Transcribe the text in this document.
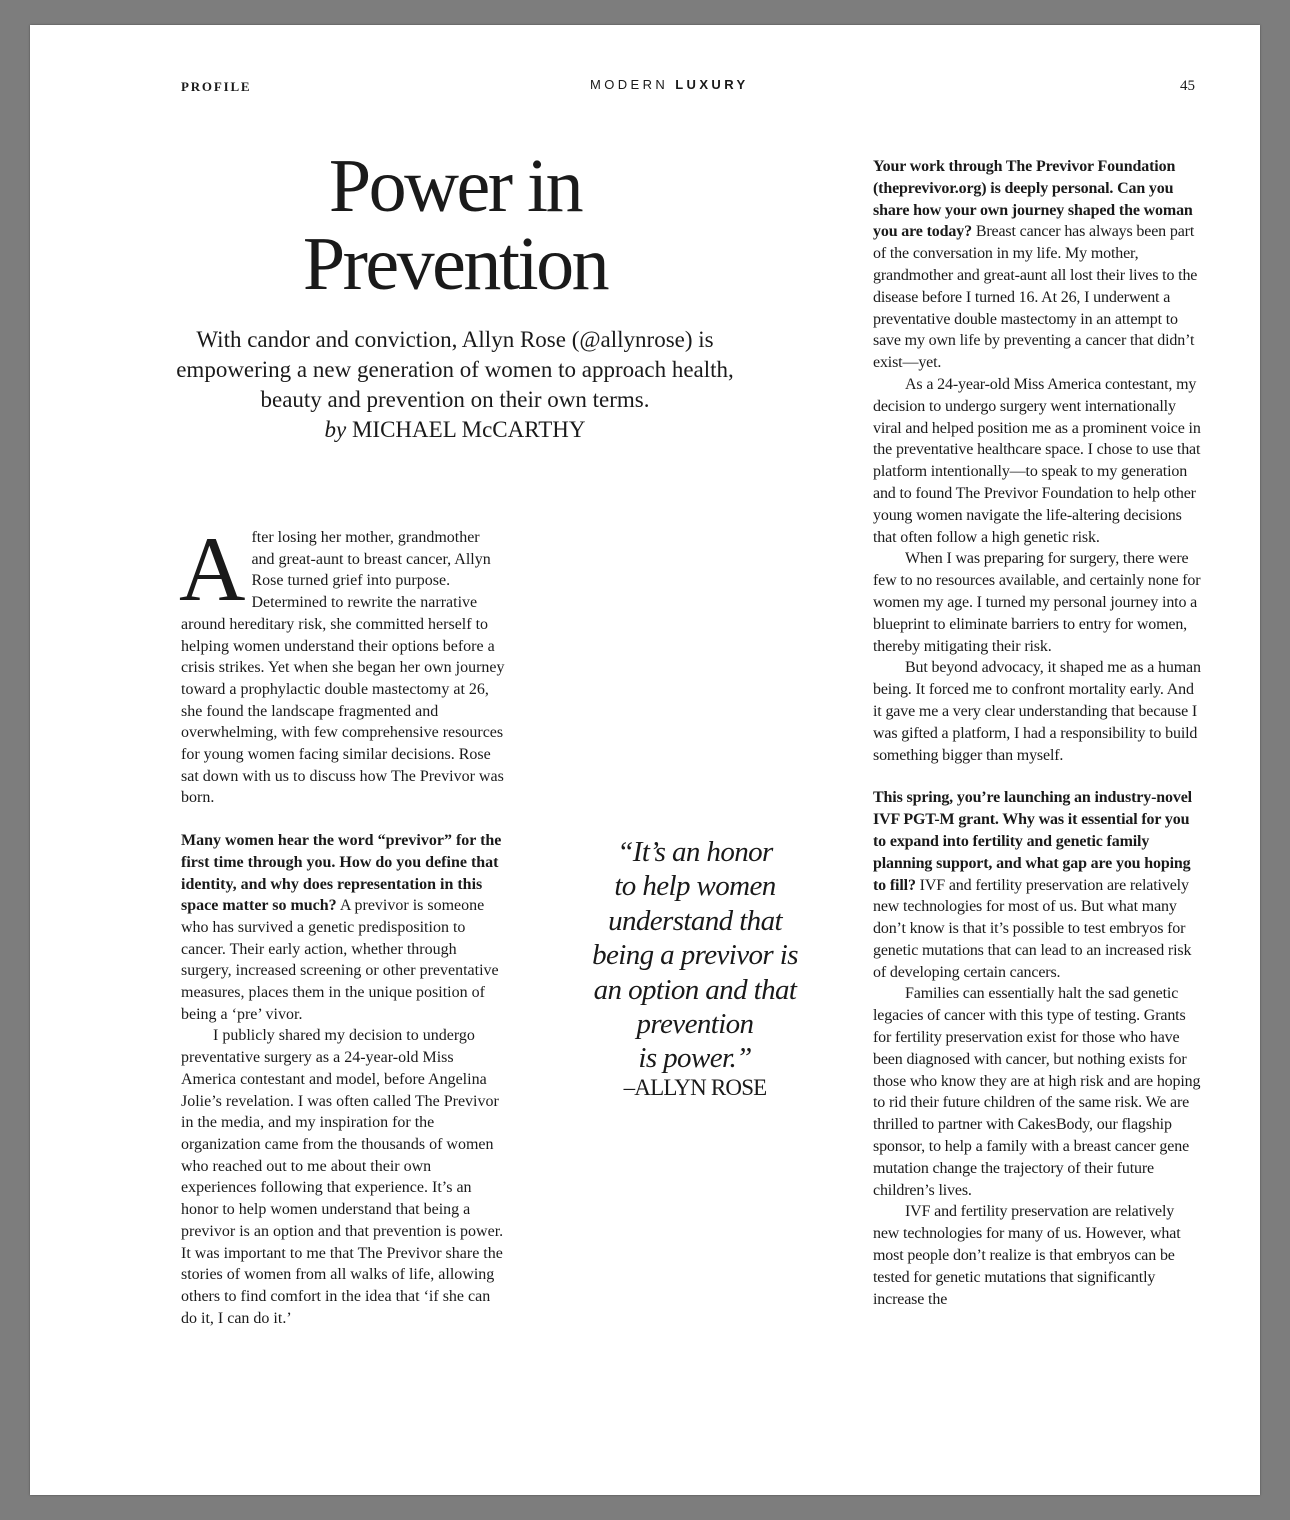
PROFILE	MODERN LUXURY	45
Power in
Prevention
With candor and conviction, Allyn Rose (@allynrose) is empowering a new generation of women to approach health, beauty and prevention on their own terms.
by MICHAEL McCARTHY

After losing her mother, grandmother and great-aunt to breast cancer, Allyn Rose turned grief into purpose. Determined to rewrite the narrative around hereditary risk, she committed herself to helping women understand their options before a crisis strikes. Yet when she began her own journey toward a prophylactic double mastectomy at 26, she found the landscape fragmented and overwhelming, with few comprehensive resources for young women facing similar decisions. Rose sat down with us to discuss how The Previvor was born.

Many women hear the word “previvor” for the first time through you. How do you define that identity, and why does representation in this space matter so much? A previvor is someone who has survived a genetic predisposition to cancer. Their early action, whether through surgery, increased screening or other preventative measures, places them in the unique position of being a ‘pre’ vivor.

I publicly shared my decision to undergo preventative surgery as a 24-year-old Miss America contestant and model, before Angelina Jolie’s revelation. I was often called The Previvor in the media, and my inspiration for the organization came from the thousands of women who reached out to me about their own experiences following that experience. It’s an honor to help women understand that being a previvor is an option and that prevention is power. It was important to me that The Previvor share the stories of women from all walks of life, allowing others to find comfort in the idea that ‘if she can do it, I can do it.’

“It’s an honor
to help women
understand that
being a previvor is
an option and that
prevention
is power.”
–ALLYN ROSE

Your work through The Previvor Foundation (theprevivor.org) is deeply personal. Can you share how your own journey shaped the woman you are today? Breast cancer has always been part of the conversation in my life. My mother, grandmother and great-aunt all lost their lives to the disease before I turned 16. At 26, I underwent a preventative double mastectomy in an attempt to save my own life by preventing a cancer that didn’t exist—yet.

As a 24-year-old Miss America contestant, my decision to undergo surgery went internationally viral and helped position me as a prominent voice in the preventative healthcare space. I chose to use that platform intentionally—to speak to my generation and to found The Previvor Foundation to help other young women navigate the life-altering decisions that often follow a high genetic risk.

When I was preparing for surgery, there were few to no resources available, and certainly none for women my age. I turned my personal journey into a blueprint to eliminate barriers to entry for women, thereby mitigating their risk.

But beyond advocacy, it shaped me as a human being. It forced me to confront mortality early. And it gave me a very clear understanding that because I was gifted a platform, I had a responsibility to build something bigger than myself.

This spring, you’re launching an industry-novel IVF PGT-M grant. Why was it essential for you to expand into fertility and genetic family planning support, and what gap are you hoping to fill? IVF and fertility preservation are relatively new technologies for most of us. But what many don’t know is that it’s possible to test embryos for genetic mutations that can lead to an increased risk of developing certain cancers.

Families can essentially halt the sad genetic legacies of cancer with this type of testing. Grants for fertility preservation exist for those who have been diagnosed with cancer, but nothing exists for those who know they are at high risk and are hoping to rid their future children of the same risk. We are thrilled to partner with CakesBody, our flagship sponsor, to help a family with a breast cancer gene mutation change the trajectory of their future children’s lives.

IVF and fertility preservation are relatively new technologies for many of us. However, what most people don’t realize is that embryos can be tested for genetic mutations that significantly increase the
